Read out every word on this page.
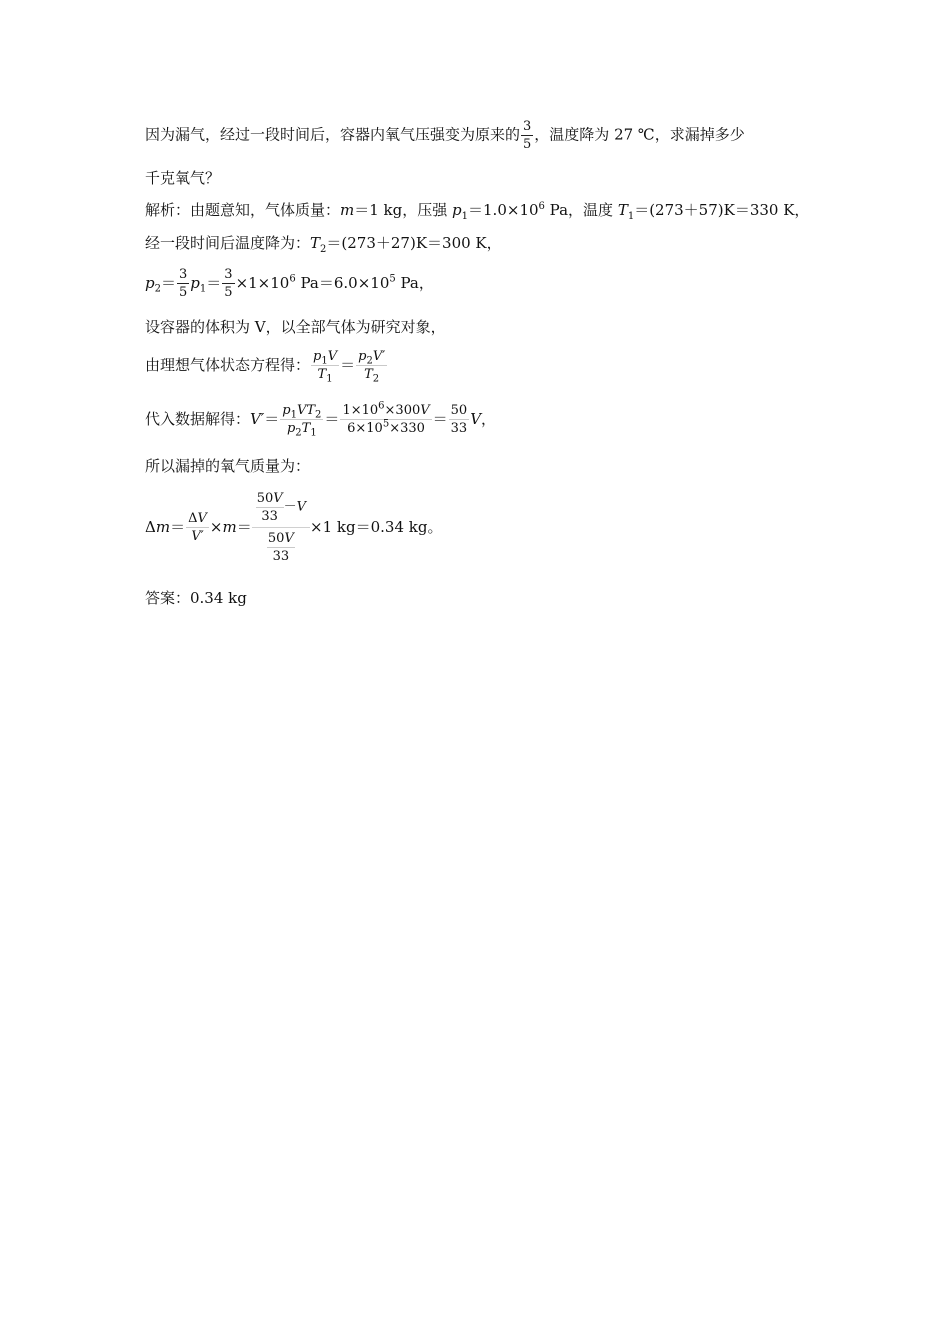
因为漏气，经过一段时间后，容器内氧气压强变为原来的 $\frac{3}{5}$ ，温度降为 27 ℃，求漏掉多少
千克氧气？
解析：由题意知，气体质量：m＝1 kg，压强 $p_1=1.0\times 10^6$ Pa，温度 $T_1=(273+57)K=330$ K，
经一段时间后温度降为：$T_2=(273+27)K=300$ K，
$p_2= \frac{3}{5} p_1= \frac{3}{5} \times 1\times 10^6$ $Pa=6.0\times 10^5$ Pa，
设容器的体积为 V，以全部气体为研究对象，
由理想气体状态方程得： $\frac{p_1V}{T_1} = \frac{p_2V'}{T_2}$
代入数据解得：$V'= \frac{p_1VT_2}{p_2T_1} = \frac{1\times 10^6\times 300V}{6\times 10^5\times 330} = \frac{50}{33}$ V，
所以漏掉的氧气质量为：
$\Delta m= \frac{\Delta V}{V'} \times m= \frac{\frac{50V}{33} -V}{\frac{50V}{33}} \times 1$ kg＝0.34 kg。
答案：0.34 kg
